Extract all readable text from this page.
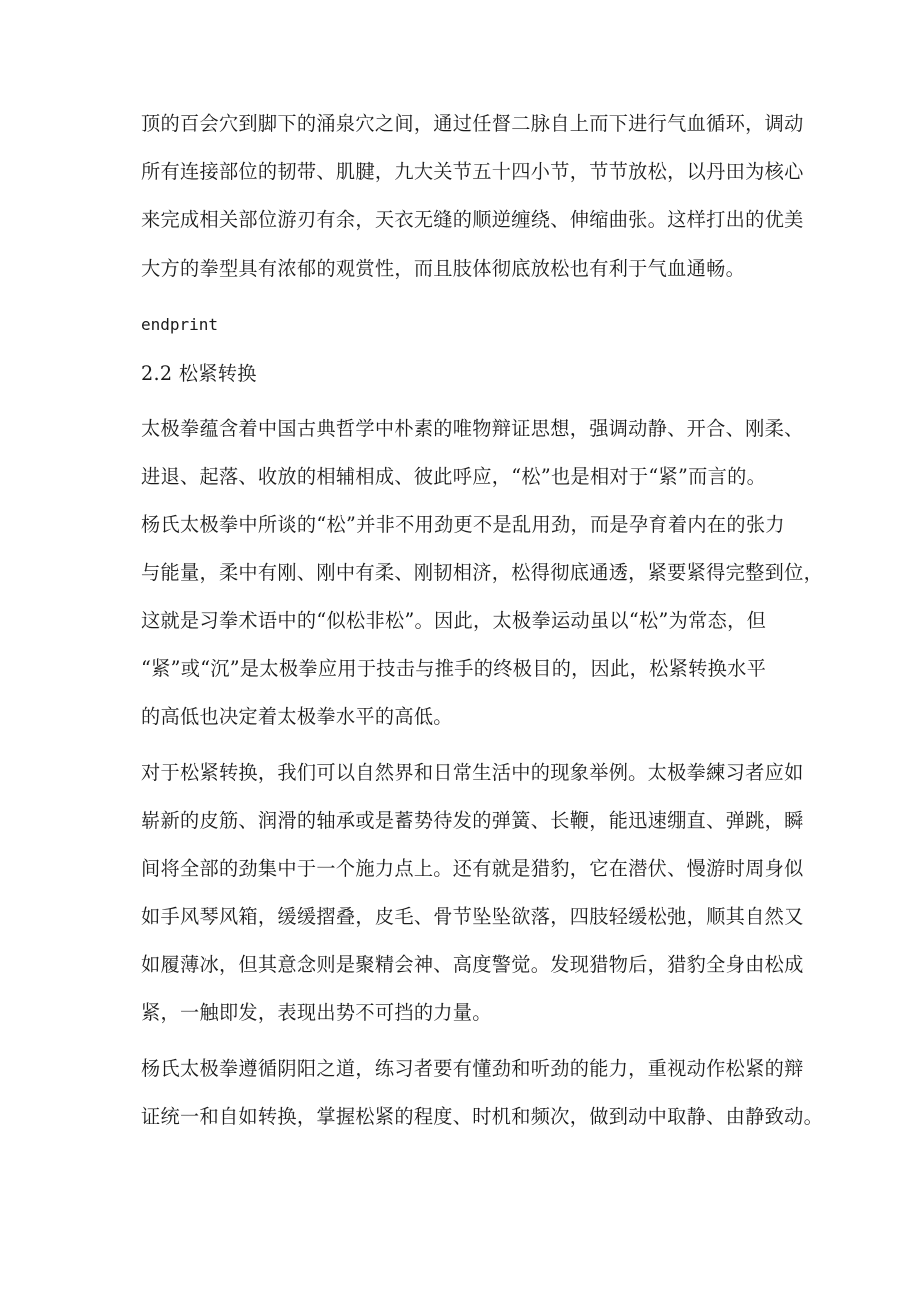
顶的百会穴到脚下的涌泉穴之间，通过任督二脉自上而下进行气血循环，调动
所有连接部位的韧带、肌腱，九大关节五十四小节，节节放松，以丹田为核心
来完成相关部位游刃有余，天衣无缝的顺逆缠绕、伸缩曲张。这样打出的优美
大方的拳型具有浓郁的观赏性，而且肢体彻底放松也有利于气血通畅。
endprint
2.2 松紧转换
太极拳蕴含着中国古典哲学中朴素的唯物辩证思想，强调动静、开合、刚柔、
进退、起落、收放的相辅相成、彼此呼应，“松”也是相对于“紧”而言的。
杨氏太极拳中所谈的“松”并非不用劲更不是乱用劲，而是孕育着内在的张力
与能量，柔中有刚、刚中有柔、刚韧相济，松得彻底通透，紧要紧得完整到位，
这就是习拳术语中的“似松非松”。因此，太极拳运动虽以“松”为常态，但
“紧”或“沉”是太极拳应用于技击与推手的终极目的，因此，松紧转换水平
的高低也决定着太极拳水平的高低。
对于松紧转换，我们可以自然界和日常生活中的现象举例。太极拳練习者应如
崭新的皮筋、润滑的轴承或是蓄势待发的弹簧、长鞭，能迅速绷直、弹跳，瞬
间将全部的劲集中于一个施力点上。还有就是猎豹，它在潜伏、慢游时周身似
如手风琴风箱，缓缓摺叠，皮毛、骨节坠坠欲落，四肢轻缓松弛，顺其自然又
如履薄冰，但其意念则是聚精会神、高度警觉。发现猎物后，猎豹全身由松成
紧，一触即发，表现出势不可挡的力量。
杨氏太极拳遵循阴阳之道，练习者要有懂劲和听劲的能力，重视动作松紧的辩
证统一和自如转换，掌握松紧的程度、时机和频次，做到动中取静、由静致动。
